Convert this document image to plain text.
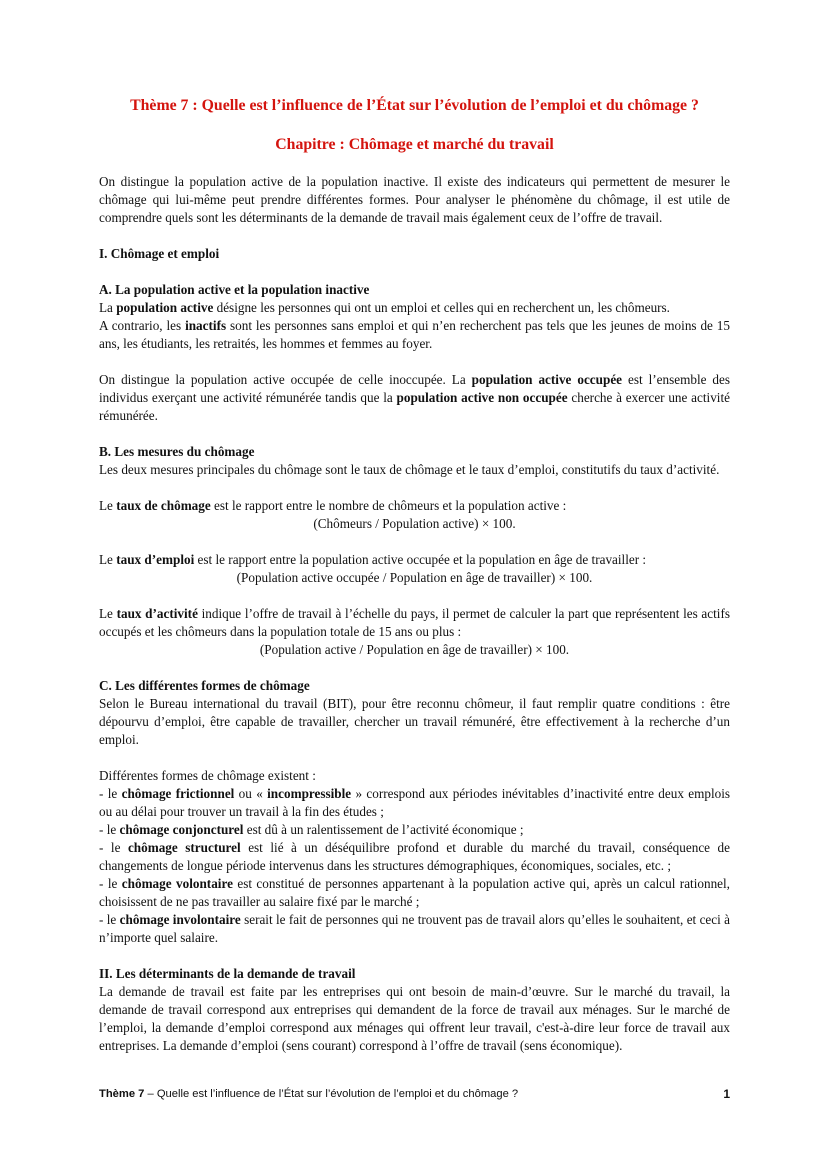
Thème 7 : Quelle est l’influence de l’État sur l’évolution de l’emploi et du chômage ?
Chapitre : Chômage et marché du travail

On distingue la population active de la population inactive. Il existe des indicateurs qui permettent de mesurer le chômage qui lui-même peut prendre différentes formes. Pour analyser le phénomène du chômage, il est utile de comprendre quels sont les déterminants de la demande de travail mais également ceux de l’offre de travail.

I. Chômage et emploi
A. La population active et la population inactive

La population active désigne les personnes qui ont un emploi et celles qui en recherchent un, les chômeurs.

A contrario, les inactifs sont les personnes sans emploi et qui n’en recherchent pas tels que les jeunes de moins de 15 ans, les étudiants, les retraités, les hommes et femmes au foyer.

On distingue la population active occupée de celle inoccupée. La population active occupée est l’ensemble des individus exerçant une activité rémunérée tandis que la population active non occupée cherche à exercer une activité rémunérée.

B. Les mesures du chômage

Les deux mesures principales du chômage sont le taux de chômage et le taux d’emploi, constitutifs du taux d’activité.

Le taux de chômage est le rapport entre le nombre de chômeurs et la population active :

(Chômeurs / Population active) × 100.

Le taux d’emploi est le rapport entre la population active occupée et la population en âge de travailler :

(Population active occupée / Population en âge de travailler) × 100.

Le taux d’activité indique l’offre de travail à l’échelle du pays, il permet de calculer la part que représentent les actifs occupés et les chômeurs dans la population totale de 15 ans ou plus :

(Population active / Population en âge de travailler) × 100.

C. Les différentes formes de chômage

Selon le Bureau international du travail (BIT), pour être reconnu chômeur, il faut remplir quatre conditions : être dépourvu d’emploi, être capable de travailler, chercher un travail rémunéré, être effectivement à la recherche d’un emploi.

Différentes formes de chômage existent :

- le chômage frictionnel ou « incompressible » correspond aux périodes inévitables d’inactivité entre deux emplois ou au délai pour trouver un travail à la fin des études ;

- le chômage conjoncturel est dû à un ralentissement de l’activité économique ;

- le chômage structurel est lié à un déséquilibre profond et durable du marché du travail, conséquence de changements de longue période intervenus dans les structures démographiques, économiques, sociales, etc. ;

- le chômage volontaire est constitué de personnes appartenant à la population active qui, après un calcul rationnel, choisissent de ne pas travailler au salaire fixé par le marché ;

- le chômage involontaire serait le fait de personnes qui ne trouvent pas de travail alors qu’elles le souhaitent, et ceci à n’importe quel salaire.

II. Les déterminants de la demande de travail

La demande de travail est faite par les entreprises qui ont besoin de main-d’œuvre. Sur le marché du travail, la demande de travail correspond aux entreprises qui demandent de la force de travail aux ménages. Sur le marché de l’emploi, la demande d’emploi correspond aux ménages qui offrent leur travail, c'est-à-dire leur force de travail aux entreprises. La demande d’emploi (sens courant) correspond à l’offre de travail (sens économique).

Thème 7 – Quelle est l’influence de l’État sur l’évolution de l’emploi et du chômage ?	1
